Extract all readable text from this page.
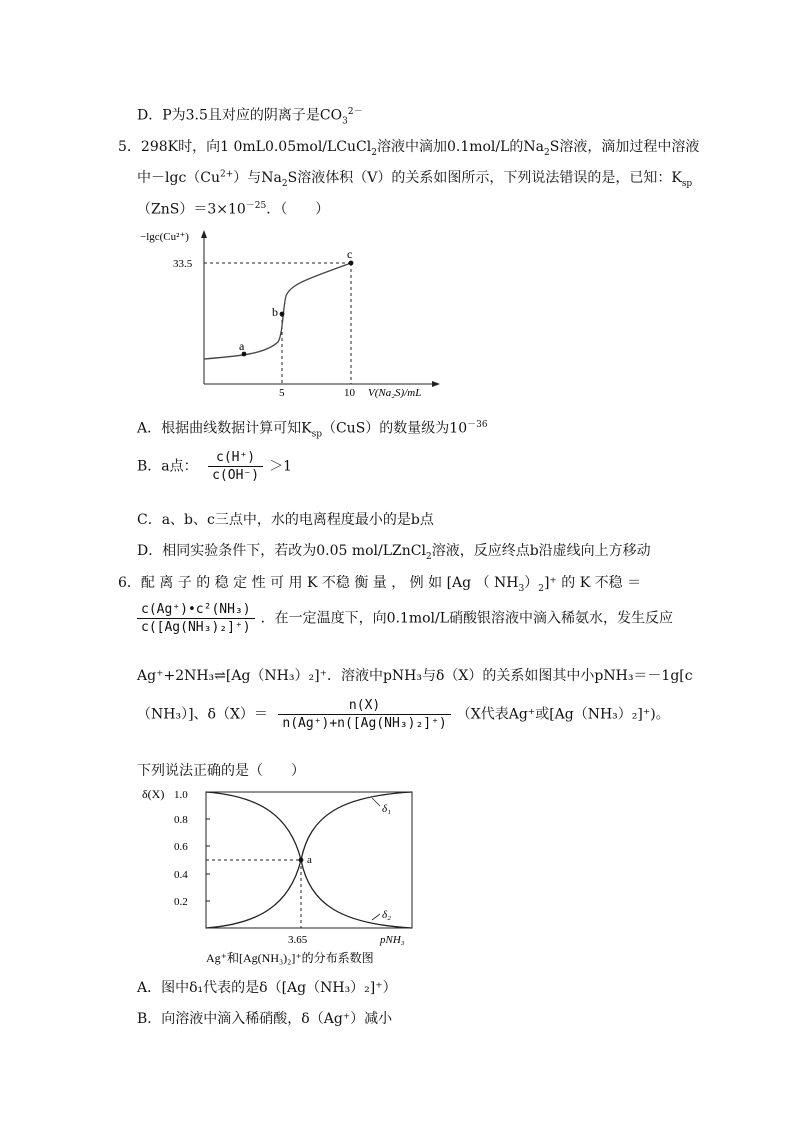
D．P为3.5且对应的阴离子是$CO_3^{2-}$
5．298K时，向1 0mL0.05mol/LCuCl$_2$溶液中滴加0.1mol/L的$Na_2S$溶液，滴加过程中溶液
中$-\lg c(Cu^{2+})$与$Na_2S$溶液体积（V）的关系如图所示，下列说法错误的是，已知：$K_{sp}$
$(ZnS)=3\times 10^{-25}$．（　　）
−lgc(Cu²⁺)
33.5
a
b
c
5	10 V(Na₂S)/mL
A．根据曲线数据计算可知$K_{sp}(CuS)$的数量级为$10^{-36}$
B．a点： $\frac{c(H^+)}{c(OH^-)} >1$
C．a、b、c三点中，水的电离程度最小的是b点
D．相同实验条件下，若改为0.05 mol/LZnCl$_2$溶液，反应终点b沿虚线向上方移动
6．配 离 子 的 稳 定 性 可 用 K 不稳 衡 量 ， 例 如 [Ag （ $NH_3)_2]^+$ 的 K 不稳 ＝
$\frac{\text{c(Ag⁺)•c²(NH₃)}}{\text{c([Ag(NH₃)₂]⁺)}}$ ．在一定温度下，向0.1mol/L硝酸银溶液中滴入稀氨水，发生反应
Ag⁺+2NH₃⇌[Ag（NH₃）₂]⁺．溶液中pNH₃与δ（X）的关系如图其中小pNH₃＝－1g[c
（NH₃）]、$\delta(X)= \frac{n(X)}{\text{n(Ag⁺)+n([Ag(NH₃)₂]⁺)}} (X$代表Ag⁺或[Ag（NH₃）₂]⁺)。
下列说法正确的是（　　）
δ(X) 1.0
0.8
0.6
0.4
0.2
a
δ₁
δ₂
3.65	pNH₃
Ag⁺和[Ag(NH₃)₂]⁺的分布系数图
A．图中δ₁代表的是δ（[Ag（NH₃）₂]⁺）
B．向溶液中滴入稀硝酸，δ（Ag⁺）减小
